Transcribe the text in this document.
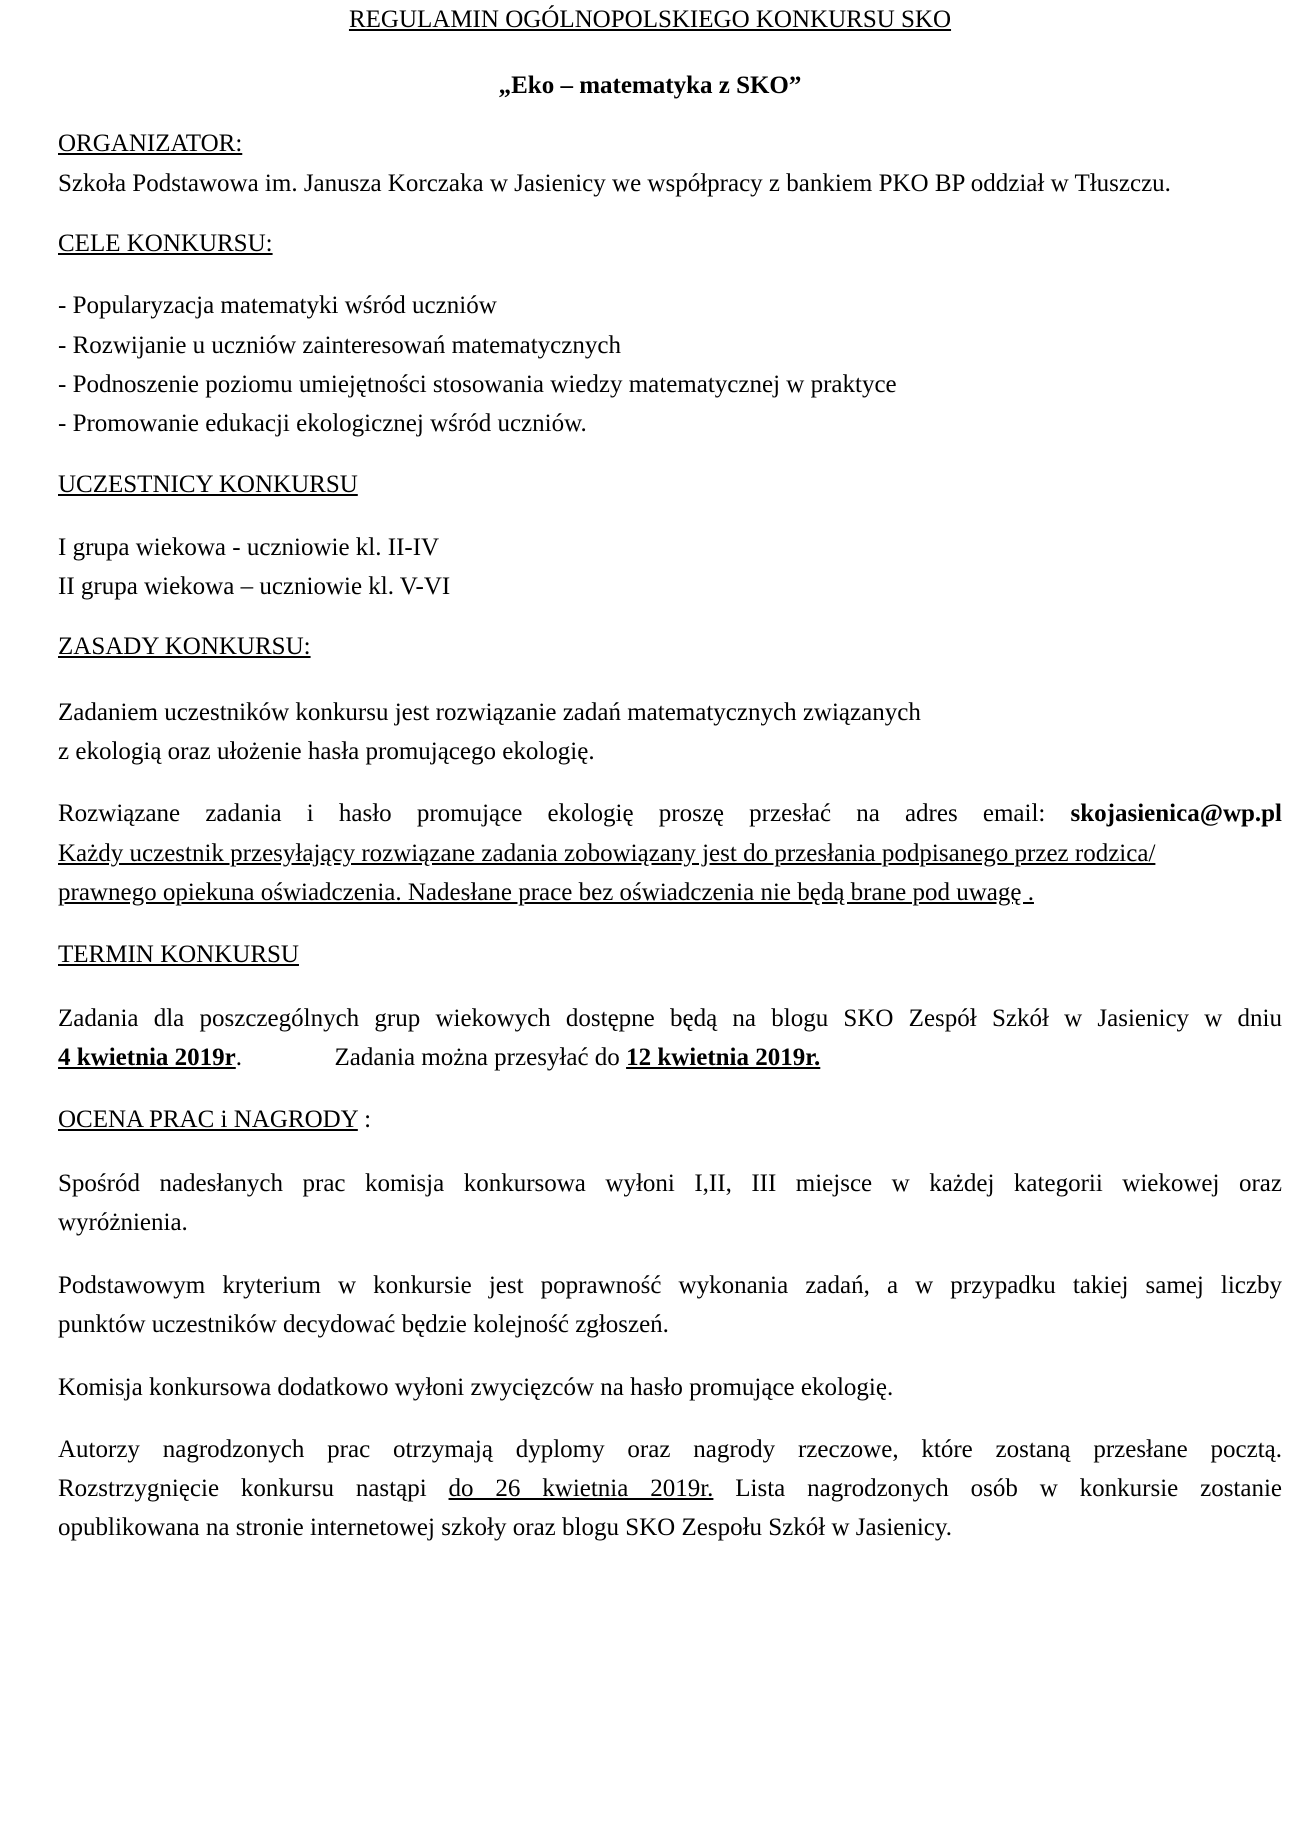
REGULAMIN OGÓLNOPOLSKIEGO KONKURSU SKO
„Eko – matematyka z SKO”
ORGANIZATOR:
Szkoła Podstawowa im. Janusza Korczaka w Jasienicy we współpracy z bankiem PKO BP oddział w Tłuszczu.
CELE KONKURSU:
- Popularyzacja matematyki wśród uczniów
- Rozwijanie u uczniów zainteresowań matematycznych
- Podnoszenie poziomu umiejętności stosowania wiedzy matematycznej w praktyce
- Promowanie edukacji ekologicznej wśród uczniów.
UCZESTNICY KONKURSU
I grupa wiekowa - uczniowie kl. II-IV
II grupa wiekowa – uczniowie kl. V-VI
ZASADY KONKURSU:
Zadaniem uczestników konkursu jest rozwiązanie zadań matematycznych związanych
z ekologią oraz ułożenie hasła promującego ekologię.
Rozwiązane zadania i hasło promujące ekologię proszę przesłać na adres email: skojasienica@wp.pl
Każdy uczestnik przesyłający rozwiązane zadania zobowiązany jest do przesłania podpisanego przez rodzica/
prawnego opiekuna oświadczenia. Nadesłane prace bez oświadczenia nie będą brane pod uwagę .
TERMIN KONKURSU
Zadania dla poszczególnych grup wiekowych dostępne będą na blogu SKO Zespół Szkół w Jasienicy w dniu
4 kwietnia 2019r.	Zadania można przesyłać do 12 kwietnia 2019r.
OCENA PRAC i NAGRODY :
Spośród nadesłanych prac komisja konkursowa wyłoni I,II, III miejsce w każdej kategorii wiekowej oraz
wyróżnienia.
Podstawowym kryterium w konkursie jest poprawność wykonania zadań, a w przypadku takiej samej liczby
punktów uczestników decydować będzie kolejność zgłoszeń.
Komisja konkursowa dodatkowo wyłoni zwycięzców na hasło promujące ekologię.
Autorzy nagrodzonych prac otrzymają dyplomy oraz nagrody rzeczowe, które zostaną przesłane pocztą.
Rozstrzygnięcie konkursu nastąpi do 26 kwietnia 2019r. Lista nagrodzonych osób w konkursie zostanie
opublikowana na stronie internetowej szkoły oraz blogu SKO Zespołu Szkół w Jasienicy.
